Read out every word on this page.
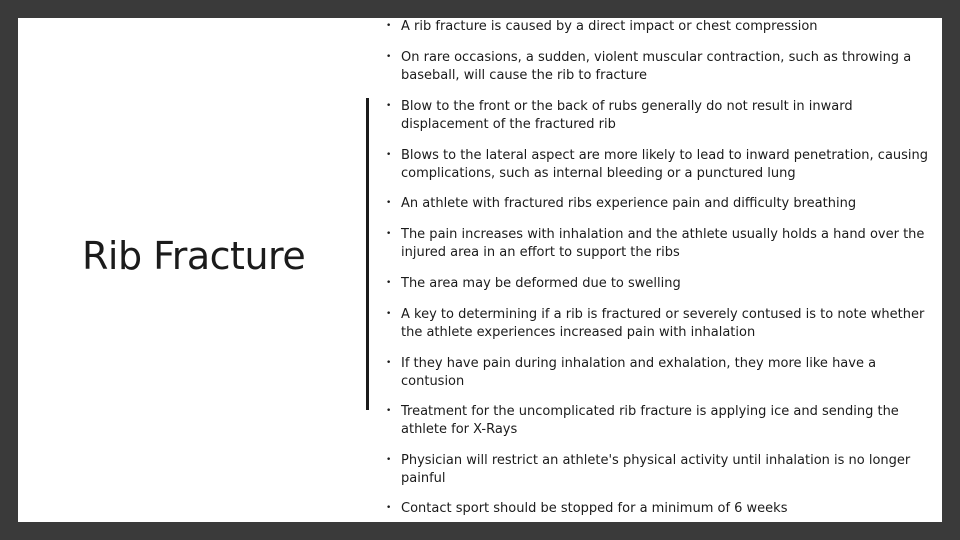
Rib Fracture
• A rib fracture is caused by a direct impact or chest compression
• On rare occasions, a sudden, violent muscular contraction, such as throwing a baseball, will cause the rib to fracture
• Blow to the front or the back of rubs generally do not result in inward displacement of the fractured rib
• Blows to the lateral aspect are more likely to lead to inward penetration, causing complications, such as internal bleeding or a punctured lung
• An athlete with fractured ribs experience pain and difficulty breathing
• The pain increases with inhalation and the athlete usually holds a hand over the injured area in an effort to support the ribs
• The area may be deformed due to swelling
• A key to determining if a rib is fractured or severely contused is to note whether the athlete experiences increased pain with inhalation
• If they have pain during inhalation and exhalation, they more like have a contusion
• Treatment for the uncomplicated rib fracture is applying ice and sending the athlete for X-Rays
• Physician will restrict an athlete's physical activity until inhalation is no longer painful
• Contact sport should be stopped for a minimum of 6 weeks
